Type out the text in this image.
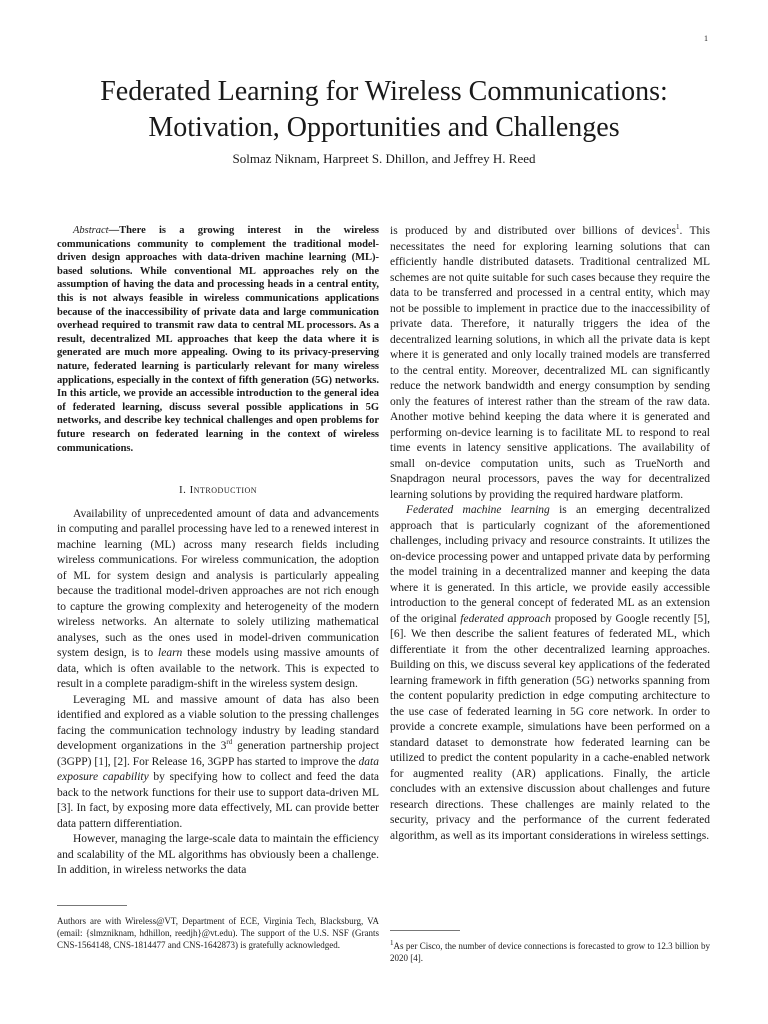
1
Federated Learning for Wireless Communications:
Motivation, Opportunities and Challenges
Solmaz Niknam, Harpreet S. Dhillon, and Jeffrey H. Reed

Abstract—There is a growing interest in the wireless communications community to complement the traditional model-driven design approaches with data-driven machine learning (ML)-based solutions. While conventional ML approaches rely on the assumption of having the data and processing heads in a central entity, this is not always feasible in wireless communications applications because of the inaccessibility of private data and large communication overhead required to transmit raw data to central ML processors. As a result, decentralized ML approaches that keep the data where it is generated are much more appealing. Owing to its privacy-preserving nature, federated learning is particularly relevant for many wireless applications, especially in the context of fifth generation (5G) networks. In this article, we provide an accessible introduction to the general idea of federated learning, discuss several possible applications in 5G networks, and describe key technical challenges and open problems for future research on federated learning in the context of wireless communications.

I. Introduction

Availability of unprecedented amount of data and advancements in computing and parallel processing have led to a renewed interest in machine learning (ML) across many research fields including wireless communications. For wireless communication, the adoption of ML for system design and analysis is particularly appealing because the traditional model-driven approaches are not rich enough to capture the growing complexity and heterogeneity of the modern wireless networks. An alternate to solely utilizing mathematical analyses, such as the ones used in model-driven communication system design, is to learn these models using massive amounts of data, which is often available to the network. This is expected to result in a complete paradigm-shift in the wireless system design.

Leveraging ML and massive amount of data has also been identified and explored as a viable solution to the pressing challenges facing the communication technology industry by leading standard development organizations in the 3rd generation partnership project (3GPP) [1], [2]. For Release 16, 3GPP has started to improve the data exposure capability by specifying how to collect and feed the data back to the network functions for their use to support data-driven ML [3]. In fact, by exposing more data effectively, ML can provide better data pattern differentiation.

However, managing the large-scale data to maintain the efficiency and scalability of the ML algorithms has obviously been a challenge. In addition, in wireless networks the data

is produced by and distributed over billions of devices$^1$. This necessitates the need for exploring learning solutions that can efficiently handle distributed datasets. Traditional centralized ML schemes are not quite suitable for such cases because they require the data to be transferred and processed in a central entity, which may not be possible to implement in practice due to the inaccessibility of private data. Therefore, it naturally triggers the idea of the decentralized learning solutions, in which all the private data is kept where it is generated and only locally trained models are transferred to the central entity. Moreover, decentralized ML can significantly reduce the network bandwidth and energy consumption by sending only the features of interest rather than the stream of the raw data. Another motive behind keeping the data where it is generated and performing on-device learning is to facilitate ML to respond to real time events in latency sensitive applications. The availability of small on-device computation units, such as TrueNorth and Snapdragon neural processors, paves the way for decentralized learning solutions by providing the required hardware platform.

Federated machine learning is an emerging decentralized approach that is particularly cognizant of the aforementioned challenges, including privacy and resource constraints. It utilizes the on-device processing power and untapped private data by performing the model training in a decentralized manner and keeping the data where it is generated. In this article, we provide easily accessible introduction to the general concept of federated ML as an extension of the original federated approach proposed by Google recently [5], [6]. We then describe the salient features of federated ML, which differentiate it from the other decentralized learning approaches. Building on this, we discuss several key applications of the federated learning framework in fifth generation (5G) networks spanning from the content popularity prediction in edge computing architecture to the use case of federated learning in 5G core network. In order to provide a concrete example, simulations have been performed on a standard dataset to demonstrate how federated learning can be utilized to predict the content popularity in a cache-enabled network for augmented reality (AR) applications. Finally, the article concludes with an extensive discussion about challenges and future research directions. These challenges are mainly related to the security, privacy and the performance of the current federated algorithm, as well as its important considerations in wireless settings.

Authors are with Wireless@VT, Department of ECE, Virginia Tech, Blacksburg, VA (email: {slmzniknam, hdhillon, reedjh}@vt.edu). The support of the U.S. NSF (Grants CNS-1564148, CNS-1814477 and CNS-1642873) is gratefully acknowledged.	$^1$As per Cisco, the number of device connections is forecasted to grow to 12.3 billion by 2020 [4].
